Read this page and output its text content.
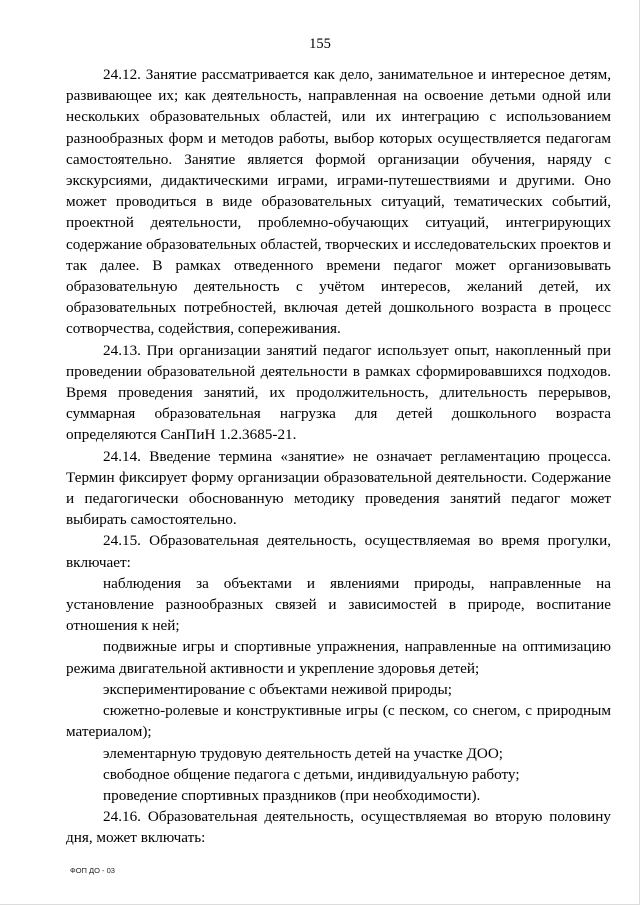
155

24.12. Занятие рассматривается как дело, занимательное и интересное детям, развивающее их; как деятельность, направленная на освоение детьми одной или нескольких образовательных областей, или их интеграцию с использованием разнообразных форм и методов работы, выбор которых осуществляется педагогам самостоятельно. Занятие является формой организации обучения, наряду с экскурсиями, дидактическими играми, играми-путешествиями и другими. Оно может проводиться в виде образовательных ситуаций, тематических событий, проектной деятельности, проблемно-обучающих ситуаций, интегрирующих содержание образовательных областей, творческих и исследовательских проектов и так далее. В рамках отведенного времени педагог может организовывать образовательную деятельность с учётом интересов, желаний детей, их образовательных потребностей, включая детей дошкольного возраста в процесс сотворчества, содействия, сопереживания.

24.13. При организации занятий педагог использует опыт, накопленный при проведении образовательной деятельности в рамках сформировавшихся подходов. Время проведения занятий, их продолжительность, длительность перерывов, суммарная образовательная нагрузка для детей дошкольного возраста определяются СанПиН 1.2.3685-21.

24.14. Введение термина «занятие» не означает регламентацию процесса. Термин фиксирует форму организации образовательной деятельности. Содержание и педагогически обоснованную методику проведения занятий педагог может выбирать самостоятельно.

24.15. Образовательная деятельность, осуществляемая во время прогулки, включает:

наблюдения за объектами и явлениями природы, направленные на установление разнообразных связей и зависимостей в природе, воспитание отношения к ней;

подвижные игры и спортивные упражнения, направленные на оптимизацию режима двигательной активности и укрепление здоровья детей;

экспериментирование с объектами неживой природы;

сюжетно-ролевые и конструктивные игры (с песком, со снегом, с природным материалом);

элементарную трудовую деятельность детей на участке ДОО;

свободное общение педагога с детьми, индивидуальную работу;

проведение спортивных праздников (при необходимости).

24.16. Образовательная деятельность, осуществляемая во вторую половину дня, может включать:

ФОП ДО - 03
